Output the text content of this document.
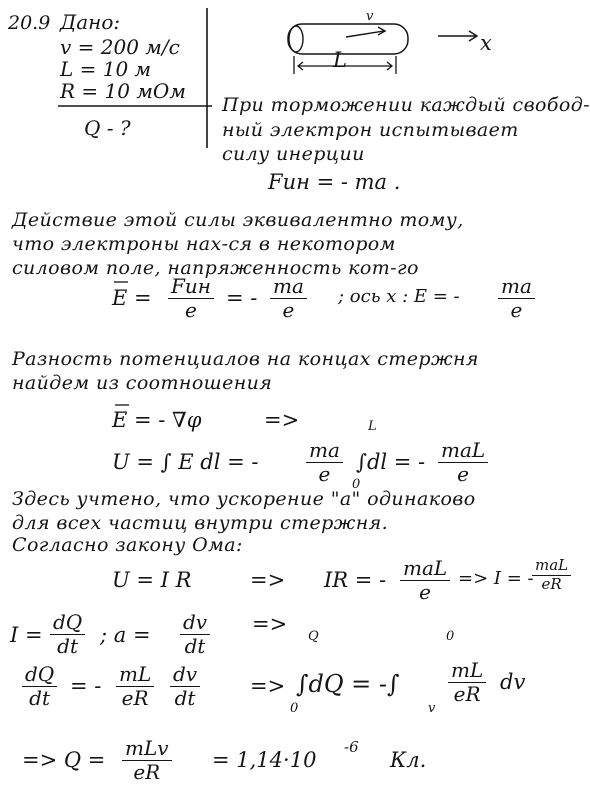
20.9 Дано:
v = 200 м/с
L = 10 м
R = 10 мОм
Q - ?
v
L
x
При торможении каждый свобод-
ный электрон испытывает
силу инерции
Fин = - ma .
Действие этой силы эквивалентно тому,
что электроны нах-ся в некотором
силовом поле, напряженность кот-го
E = Fин
e	= - ma
e
; ось x : E = - ma
e
Разность потенциалов на концах стержня
найдем из соотношения
E = - ∇φ	=>
U = ∫ E dl = -	ma
e
L
0
∫dl = - maL
e
Здесь учтено, что ускорение "a" одинаково
для всех частиц внутри стержня.
Согласно закону Ома:
U = I R	=> IR = - maL
e
=> I = -
maL
eR
I =
dQ
dt	; a =
dv
dt
=>
dQ
dt = - mL
eR
dv
dt	=>
Q
0
∫dQ = -∫
0
v
mL
eR dv
=> Q = mLv
eR	= 1,14·10
-6
Кл.
